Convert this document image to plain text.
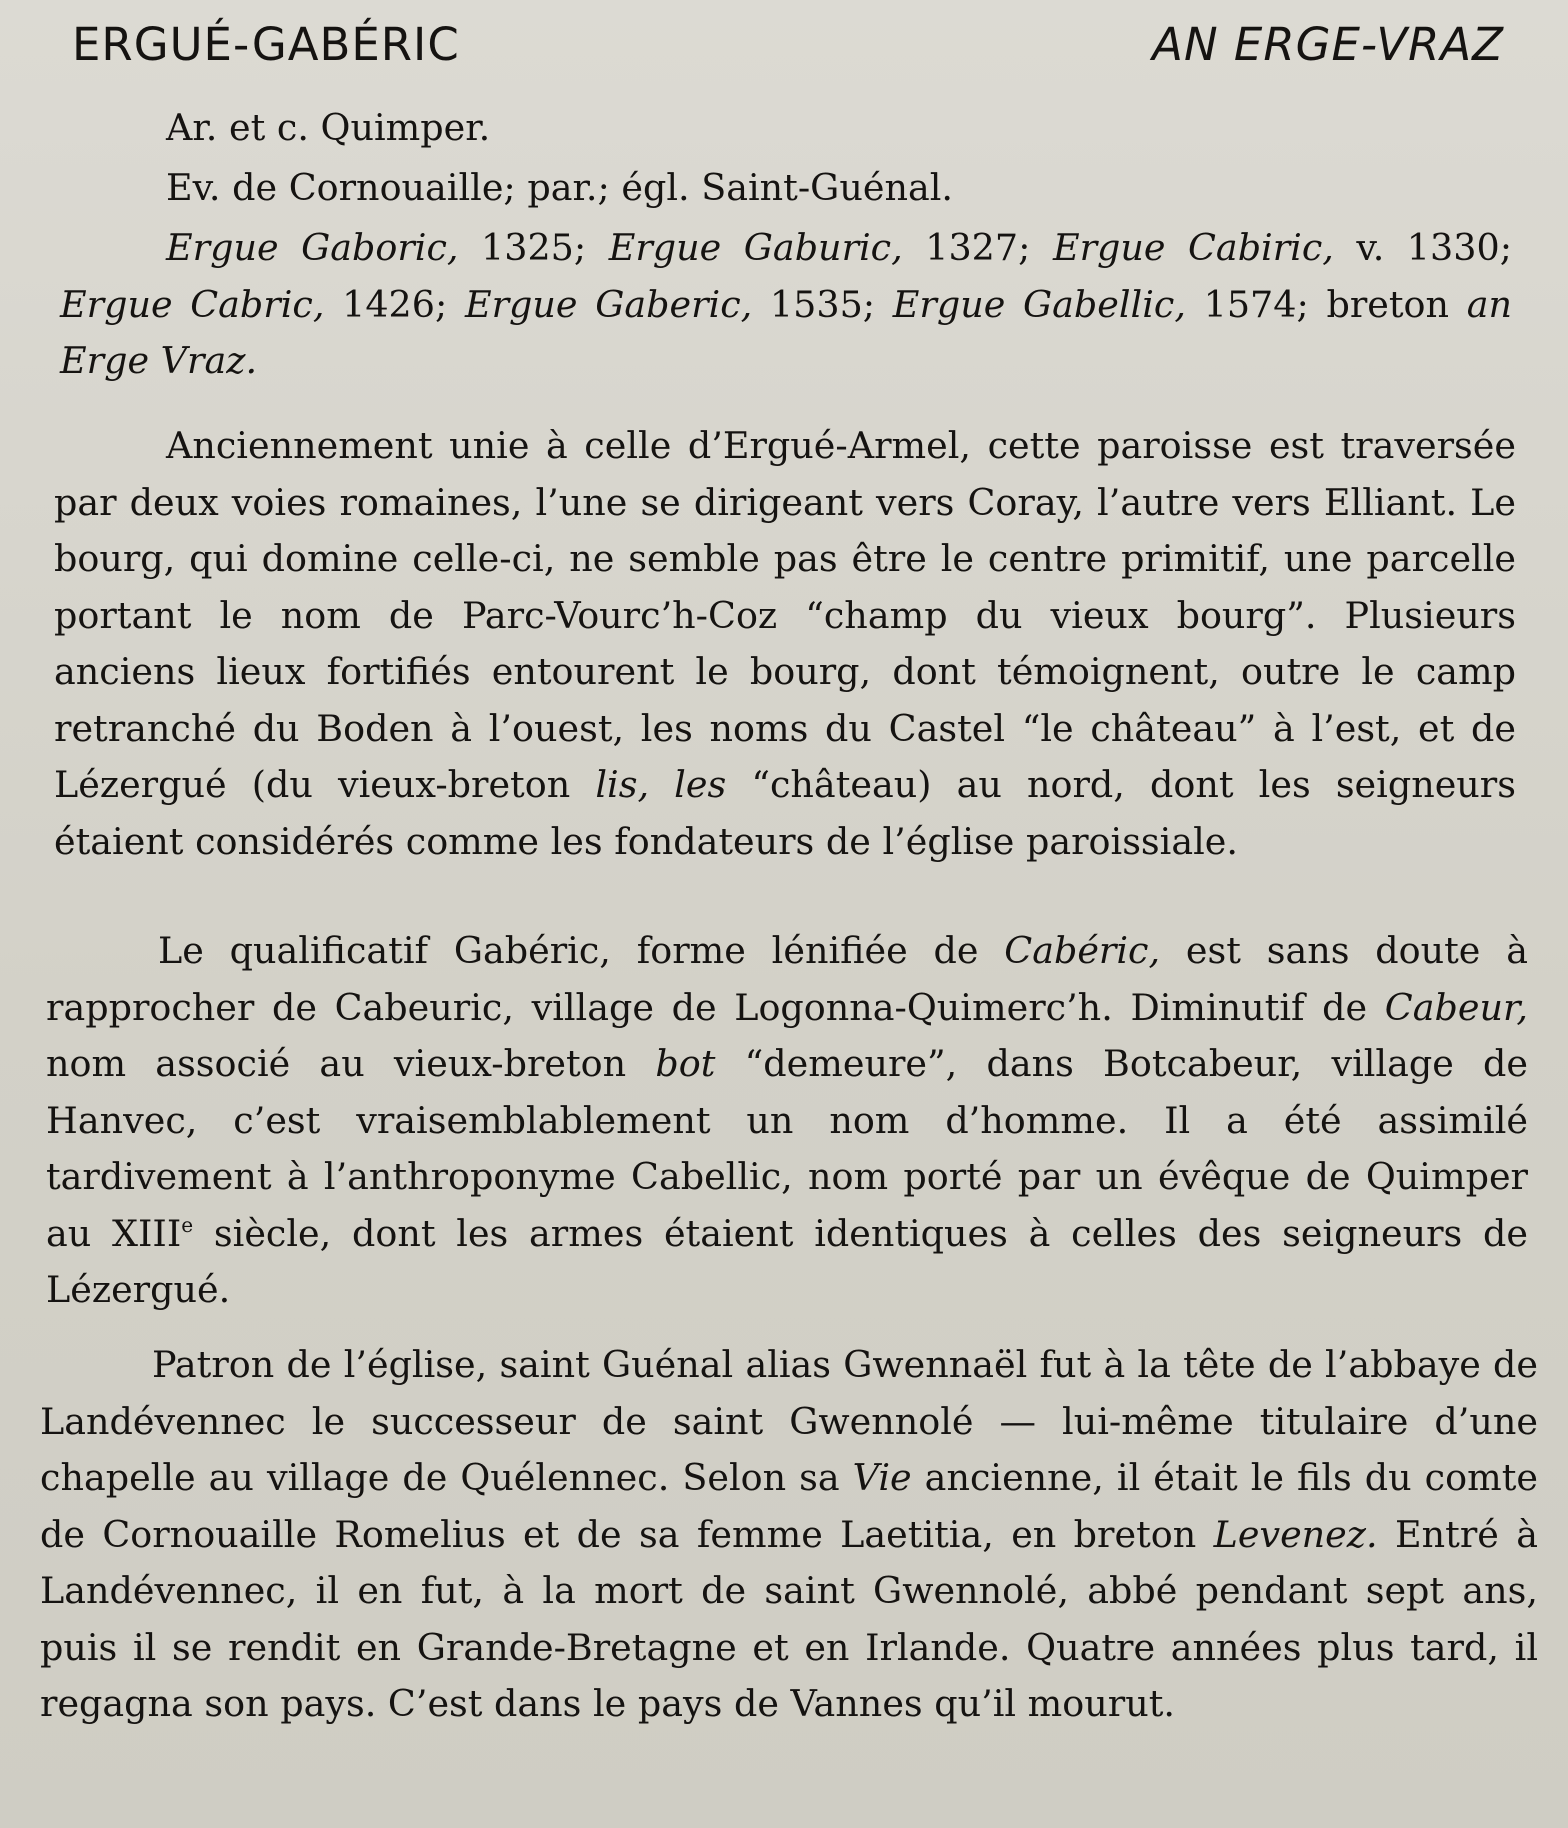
ERGUÉ-GABÉRIC	AN ERGE-VRAZ
Ar. et c. Quimper.
Ev. de Cornouaille; par.; égl. Saint-Guénal.

Ergue Gaboric, 1325; Ergue Gaburic, 1327; Ergue Cabiric, v. 1330; Ergue Cabric, 1426; Ergue Gaberic, 1535; Ergue Gabellic, 1574; breton an Erge Vraz.

Anciennement unie à celle d’Ergué-Armel, cette paroisse est traversée par deux voies romaines, l’une se dirigeant vers Coray, l’autre vers Elliant. Le bourg, qui domine celle-ci, ne semble pas être le centre primitif, une parcelle portant le nom de Parc-Vourc’h-Coz “champ du vieux bourg”. Plusieurs anciens lieux fortifiés entourent le bourg, dont témoignent, outre le camp retranché du Boden à l’ouest, les noms du Castel “le château” à l’est, et de Lézergué (du vieux-breton lis, les “château) au nord, dont les seigneurs étaient considérés comme les fondateurs de l’église paroissiale.

Le qualificatif Gabéric, forme lénifiée de Cabéric, est sans doute à rapprocher de Cabeuric, village de Logonna-Quimerc’h. Diminutif de Cabeur, nom associé au vieux-breton bot “demeure”, dans Botcabeur, village de Hanvec, c’est vraisemblablement un nom d’homme. Il a été assimilé tardivement à l’anthroponyme Cabellic, nom porté par un évêque de Quimper au XIIIe siècle, dont les armes étaient identiques à celles des seigneurs de Lézergué.

Patron de l’église, saint Guénal alias Gwennaël fut à la tête de l’abbaye de Landévennec le successeur de saint Gwennolé — lui-même titulaire d’une chapelle au village de Quélennec. Selon sa Vie ancienne, il était le fils du comte de Cornouaille Romelius et de sa femme Laetitia, en breton Levenez. Entré à Landévennec, il en fut, à la mort de saint Gwennolé, abbé pendant sept ans, puis il se rendit en Grande-Bretagne et en Irlande. Quatre années plus tard, il regagna son pays. C’est dans le pays de Vannes qu’il mourut.
